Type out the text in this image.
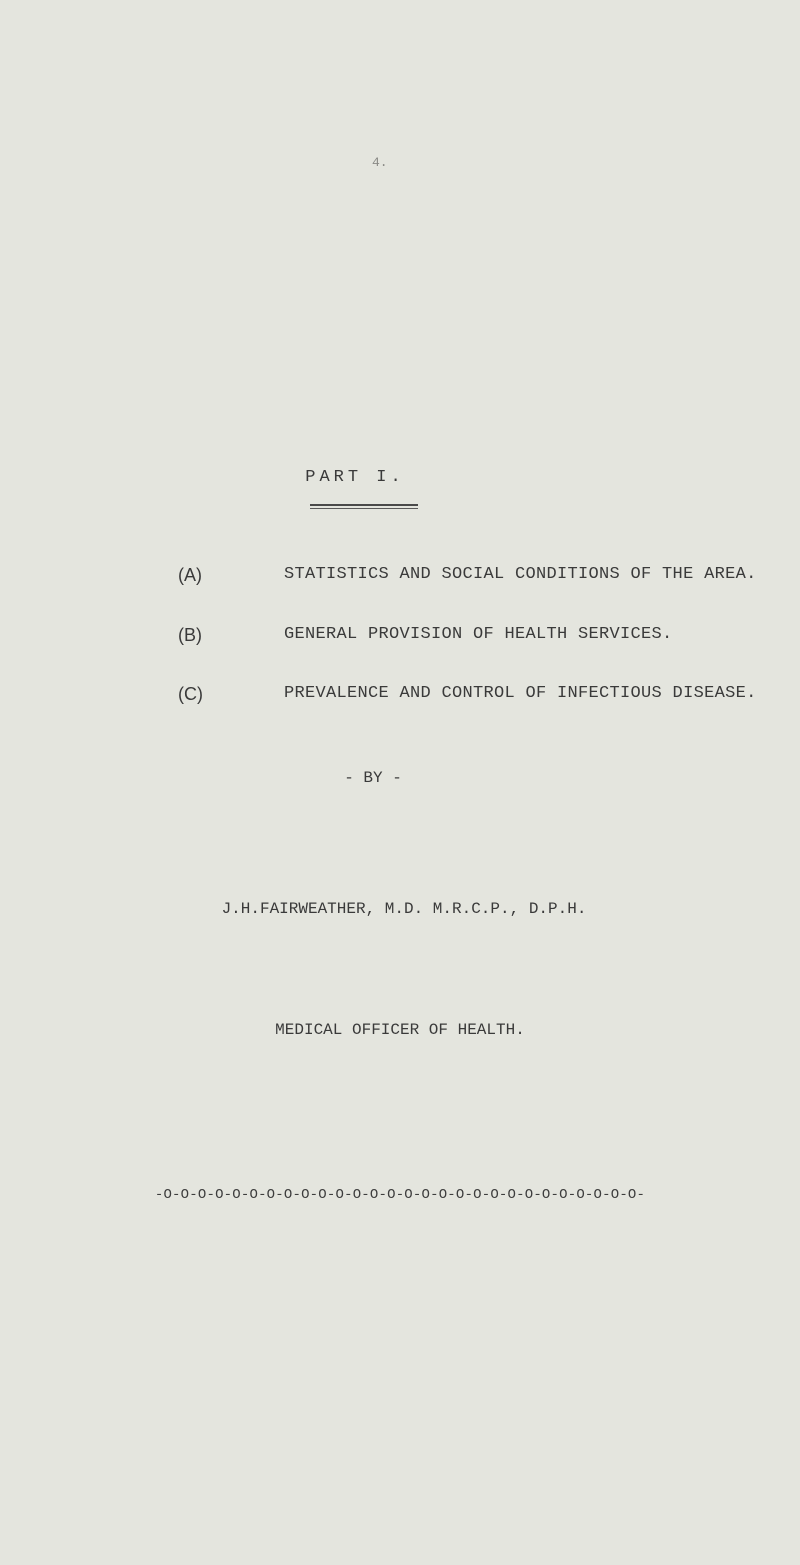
4.
PART I.
(A)	STATISTICS AND SOCIAL CONDITIONS OF THE AREA.
(B)	GENERAL PROVISION OF HEALTH SERVICES.
(C)	PREVALENCE AND CONTROL OF INFECTIOUS DISEASE.
- BY -
J.H.FAIRWEATHER, M.D. M.R.C.P., D.P.H.
MEDICAL OFFICER OF HEALTH.
-O-O-O-O-O-O-O-O-O-O-O-O-O-O-O-O-O-O-O-O-O-O-O-O-O-O-O-O-
